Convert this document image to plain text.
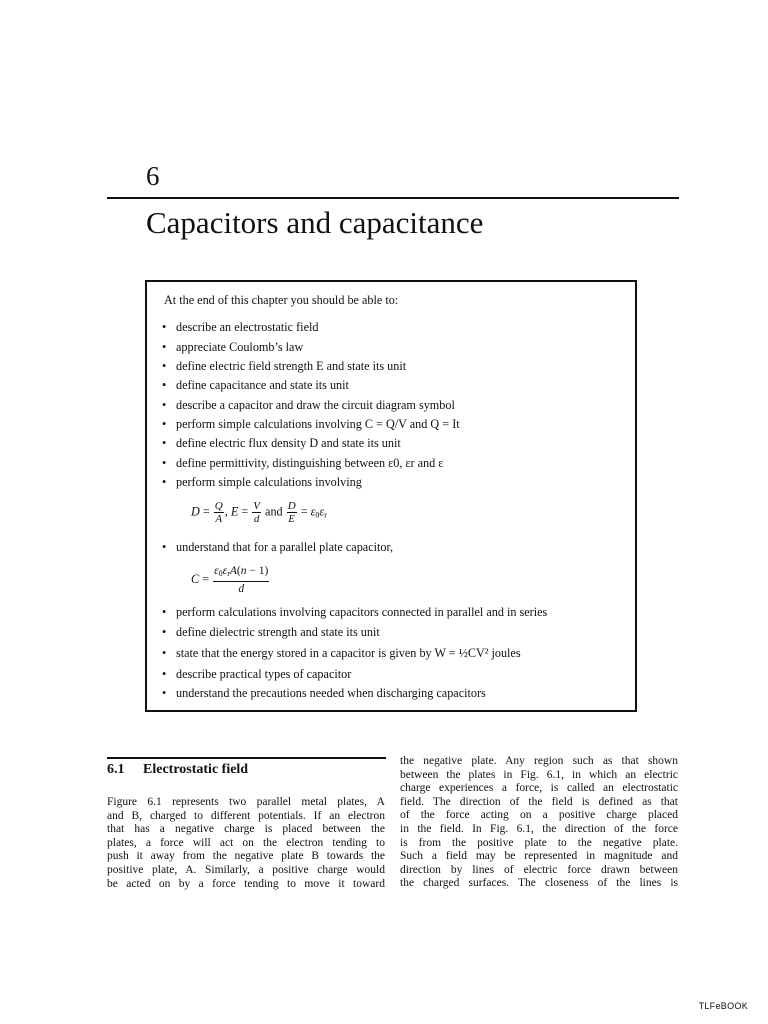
6
Capacitors and capacitance
At the end of this chapter you should be able to:
• describe an electrostatic field
• appreciate Coulomb’s law
• define electric field strength E and state its unit
• define capacitance and state its unit
• describe a capacitor and draw the circuit diagram symbol
• perform simple calculations involving C = Q/V and Q = It
• define electric flux density D and state its unit
• define permittivity, distinguishing between ε0, εr and ε
• perform simple calculations involving
$D = \frac{Q}{A}$ , $E = \frac{V}{d}$ and $\frac{D}{E} = \varepsilon_0\varepsilon_r$
• understand that for a parallel plate capacitor,
$C = \frac{\varepsilon_0\varepsilon_rA(n - 1)}{d}$
• perform calculations involving capacitors connected in parallel and in series
• define dielectric strength and state its unit
• state that the energy stored in a capacitor is given by W = ½CV² joules
• describe practical types of capacitor
• understand the precautions needed when discharging capacitors
6.1 Electrostatic field
Figure 6.1 represents two parallel metal plates, A
and B, charged to different potentials. If an electron
that has a negative charge is placed between the
plates, a force will act on the electron tending to
push it away from the negative plate B towards the
positive plate, A. Similarly, a positive charge would
be acted on by a force tending to move it toward
the negative plate. Any region such as that shown
between the plates in Fig. 6.1, in which an electric
charge experiences a force, is called an electrostatic
field. The direction of the field is defined as that
of the force acting on a positive charge placed
in the field. In Fig. 6.1, the direction of the force
is from the positive plate to the negative plate.
Such a field may be represented in magnitude and
direction by lines of electric force drawn between
the charged surfaces. The closeness of the lines is
TLFeBOOK
